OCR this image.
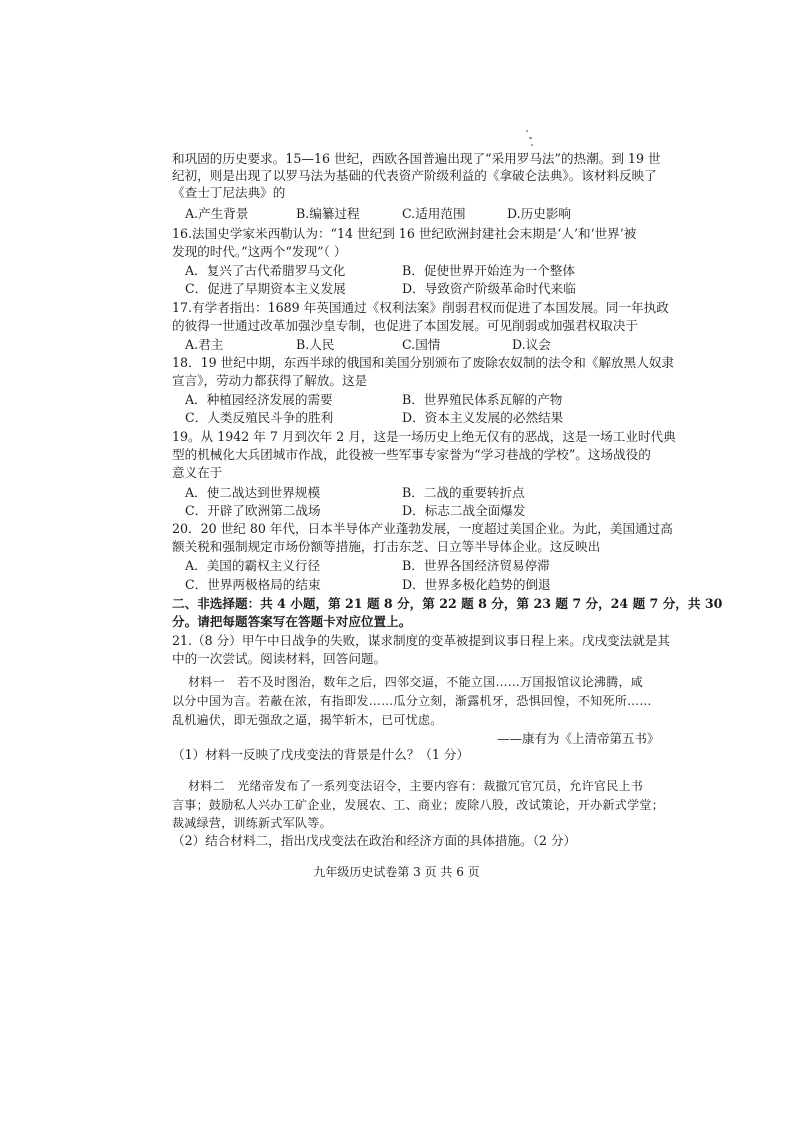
和巩固的历史要求。15—16 世纪，西欧各国普遍出现了“采用罗马法”的热潮。到 19 世
纪初，则是出现了以罗马法为基础的代表资产阶级利益的《拿破仑法典》。该材料反映了
《查士丁尼法典》的
A.产生背景	B.编纂过程	C.适用范围	D.历史影响
16.法国史学家米西勒认为：“14 世纪到 16 世纪欧洲封建社会末期是‘人’和‘世界’被
发现的时代。”这两个“发现”（ ）
A．复兴了古代希腊罗马文化	B．促使世界开始连为一个整体
C．促进了早期资本主义发展	D．导致资产阶级革命时代来临
17.有学者指出：1689 年英国通过《权利法案》削弱君权而促进了本国发展。同一年执政
的彼得一世通过改革加强沙皇专制，也促进了本国发展。可见削弱或加强君权取决于
A.君主	B.人民	C.国情	D.议会
18．19 世纪中期，东西半球的俄国和美国分别颁布了废除农奴制的法令和《解放黑人奴隶
宣言》，劳动力都获得了解放。这是
A．种植园经济发展的需要	B．世界殖民体系瓦解的产物
C．人类反殖民斗争的胜利	D．资本主义发展的必然结果
19。从 1942 年 7 月到次年 2 月，这是一场历史上绝无仅有的恶战，这是一场工业时代典
型的机械化大兵团城市作战，此役被一些军事专家誉为“学习巷战的学校”。这场战役的
意义在于
A．使二战达到世界规模	B．二战的重要转折点
C．开辟了欧洲第二战场	D．标志二战全面爆发
20．20 世纪 80 年代，日本半导体产业蓬勃发展，一度超过美国企业。为此，美国通过高
额关税和强制规定市场份额等措施，打击东芝、日立等半导体企业。这反映出
A．美国的霸权主义行径	B．世界各国经济贸易停滞
C．世界两极格局的结束	D．世界多极化趋势的倒退
二、非选择题：共 4 小题，第 21 题 8 分，第 22 题 8 分，第 23 题 7 分，24 题 7 分，共 30
分。请把每题答案写在答题卡对应位置上。
21.（8 分）甲午中日战争的失败，谋求制度的变革被提到议事日程上来。戊戌变法就是其
中的一次尝试。阅读材料，回答问题。
材料一　若不及时图治，数年之后，四邻交逼，不能立国……万国报馆议论沸腾，咸
以分中国为言。若蔽在浓，有指即发……瓜分立刻，渐露机牙，恐惧回惶，不知死所……
乱机遍伏，即无强敌之逼，揭竿斩木，已可忧虑。
——康有为《上清帝第五书》
（1）材料一反映了戊戌变法的背景是什么？（1 分）
材料二　光绪帝发布了一系列变法诏令，主要内容有：裁撤冗官冗员，允许官民上书
言事；鼓励私人兴办工矿企业，发展农、工、商业；废除八股，改试策论，开办新式学堂；
裁减绿营，训练新式军队等。
（2）结合材料二，指出戊戌变法在政治和经济方面的具体措施。（2 分）
九年级历史试卷第 3 页 共 6 页
